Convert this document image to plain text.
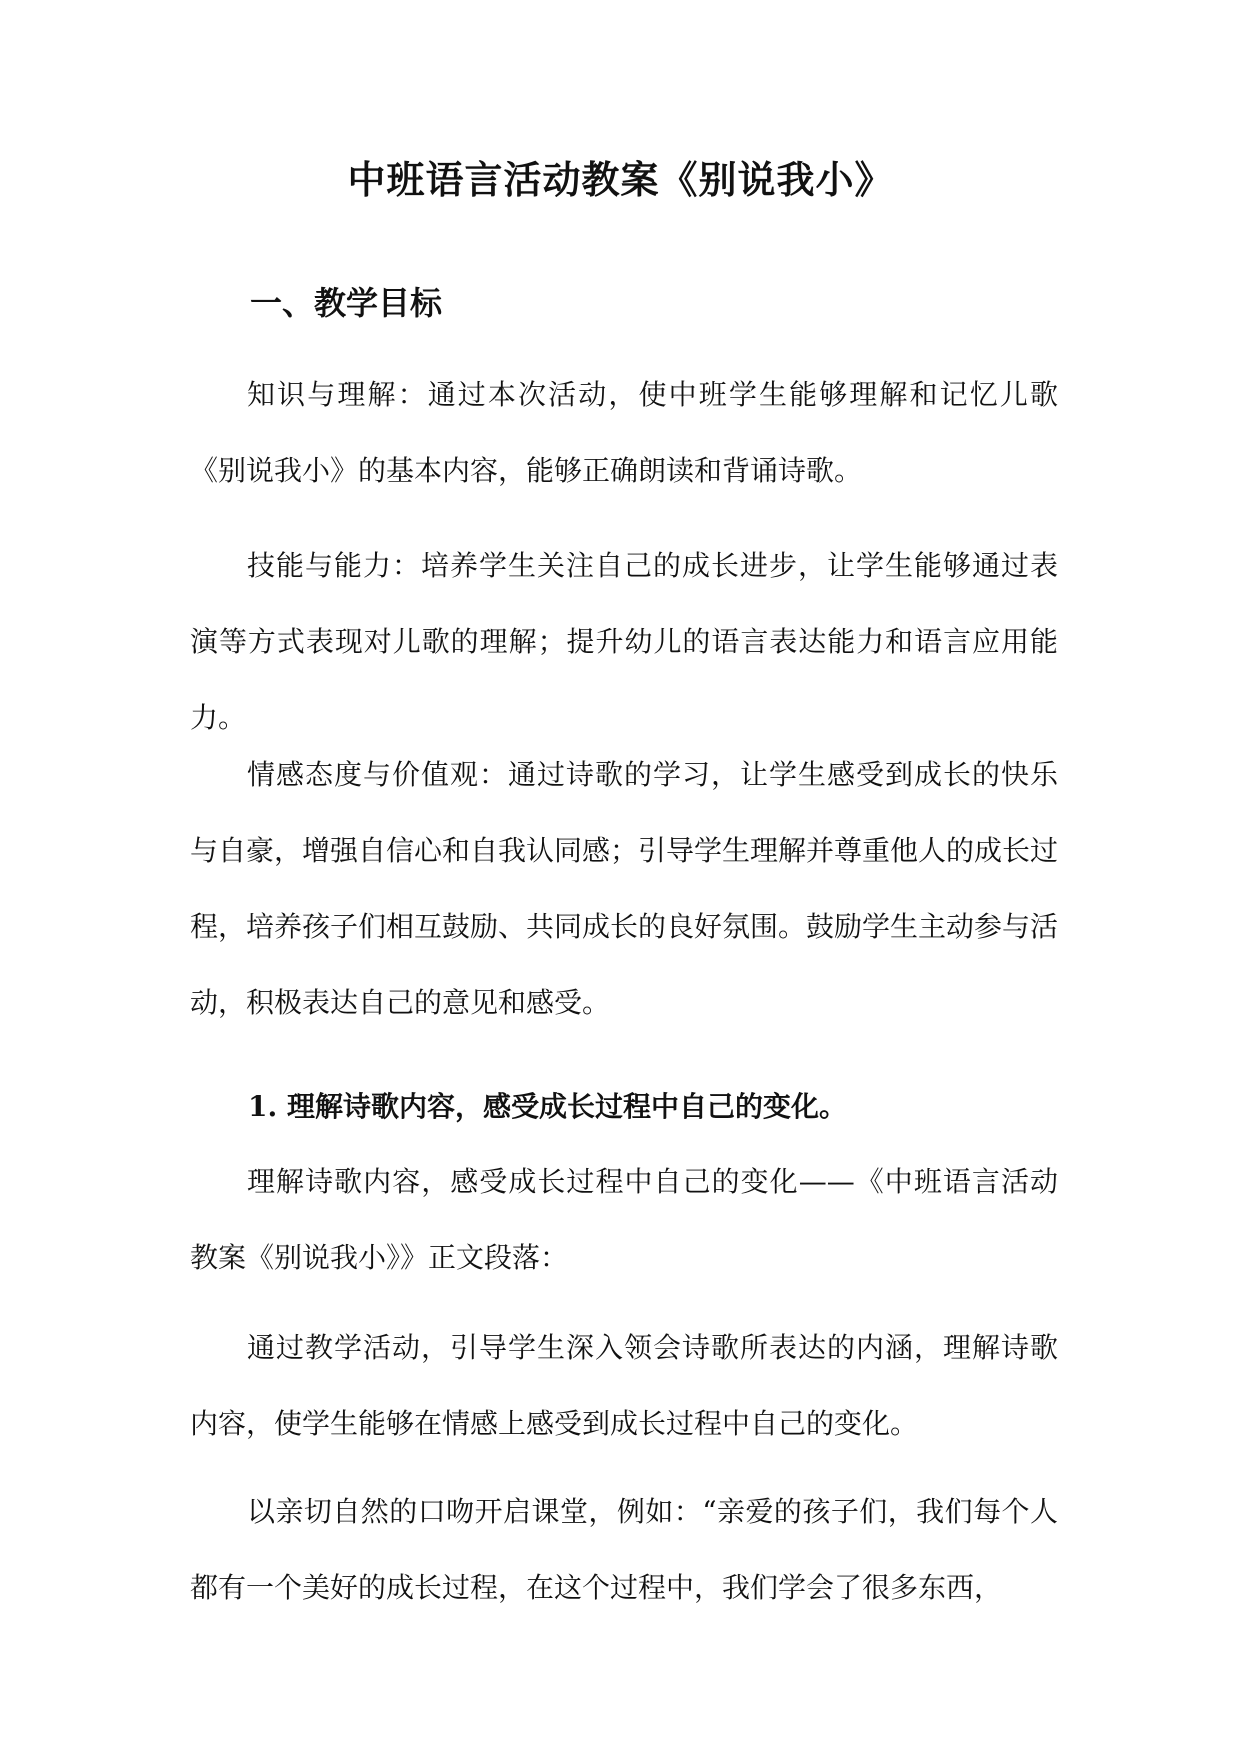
中班语言活动教案《别说我小》
一、教学目标

知识与理解：通过本次活动，使中班学生能够理解和记忆儿歌《别说我小》的基本内容，能够正确朗读和背诵诗歌。

技能与能力：培养学生关注自己的成长进步，让学生能够通过表演等方式表现对儿歌的理解；提升幼儿的语言表达能力和语言应用能力。

情感态度与价值观：通过诗歌的学习，让学生感受到成长的快乐与自豪，增强自信心和自我认同感；引导学生理解并尊重他人的成长过程，培养孩子们相互鼓励、共同成长的良好氛围。鼓励学生主动参与活动，积极表达自己的意见和感受。

1. 理解诗歌内容，感受成长过程中自己的变化。

理解诗歌内容，感受成长过程中自己的变化——《中班语言活动教案《别说我小》》正文段落：

通过教学活动，引导学生深入领会诗歌所表达的内涵，理解诗歌内容，使学生能够在情感上感受到成长过程中自己的变化。

以亲切自然的口吻开启课堂，例如：“亲爱的孩子们，我们每个人都有一个美好的成长过程，在这个过程中，我们学会了很多东西，
